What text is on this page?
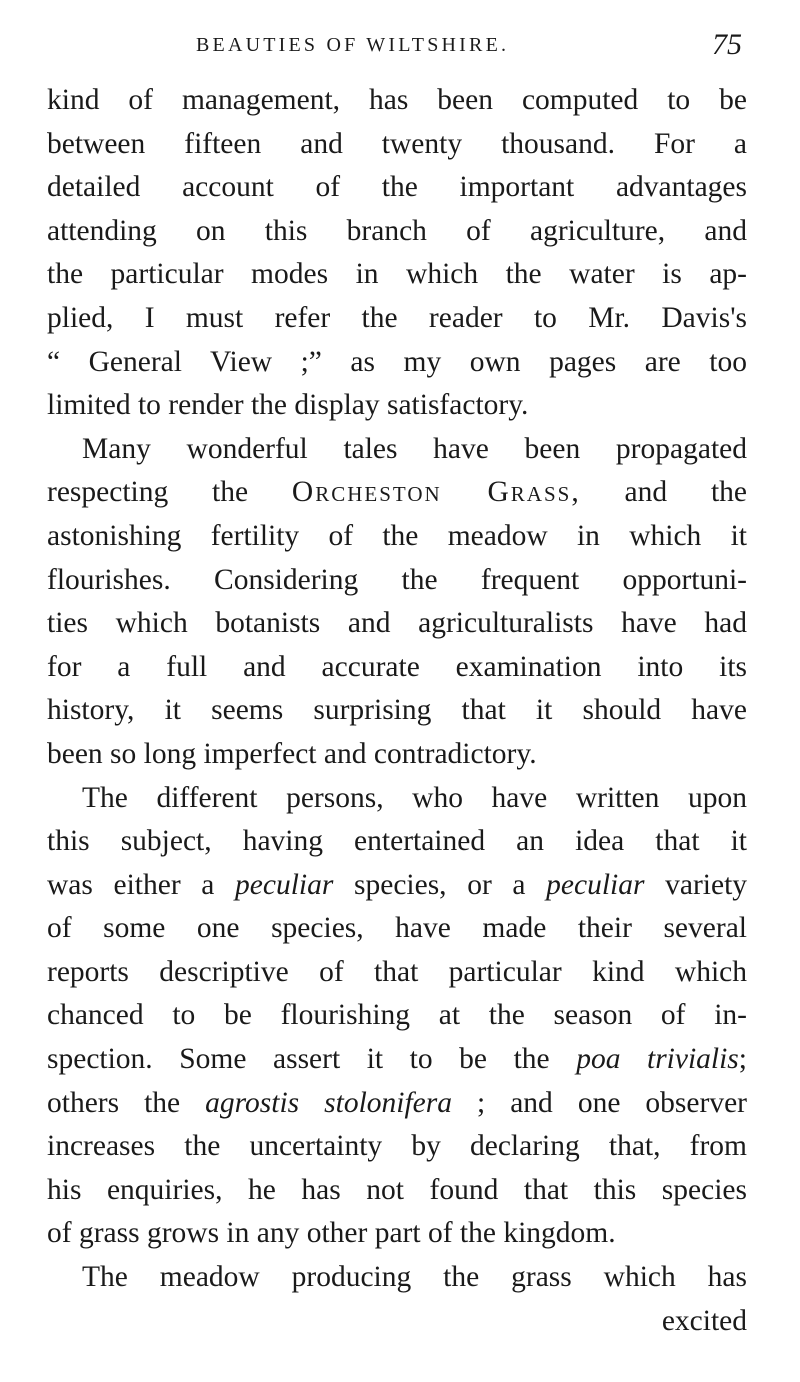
BEAUTIES OF WILTSHIRE.	75
kind of management, has been computed to be
between fifteen and twenty thousand. For a
detailed account of the important advantages
attending on this branch of agriculture, and
the particular modes in which the water is ap-
plied, I must refer the reader to Mr. Davis's
“ General View ;” as my own pages are too
limited to render the display satisfactory.
Many wonderful tales have been propagated
respecting the Orcheston Grass, and the
astonishing fertility of the meadow in which it
flourishes. Considering the frequent opportuni-
ties which botanists and agriculturalists have had
for a full and accurate examination into its
history, it seems surprising that it should have
been so long imperfect and contradictory.
The different persons, who have written upon
this subject, having entertained an idea that it
was either a peculiar species, or a peculiar variety
of some one species, have made their several
reports descriptive of that particular kind which
chanced to be flourishing at the season of in-
spection. Some assert it to be the poa trivialis;
others the agrostis stolonifera ; and one observer
increases the uncertainty by declaring that, from
his enquiries, he has not found that this species
of grass grows in any other part of the kingdom.
The meadow producing the grass which has
excited
